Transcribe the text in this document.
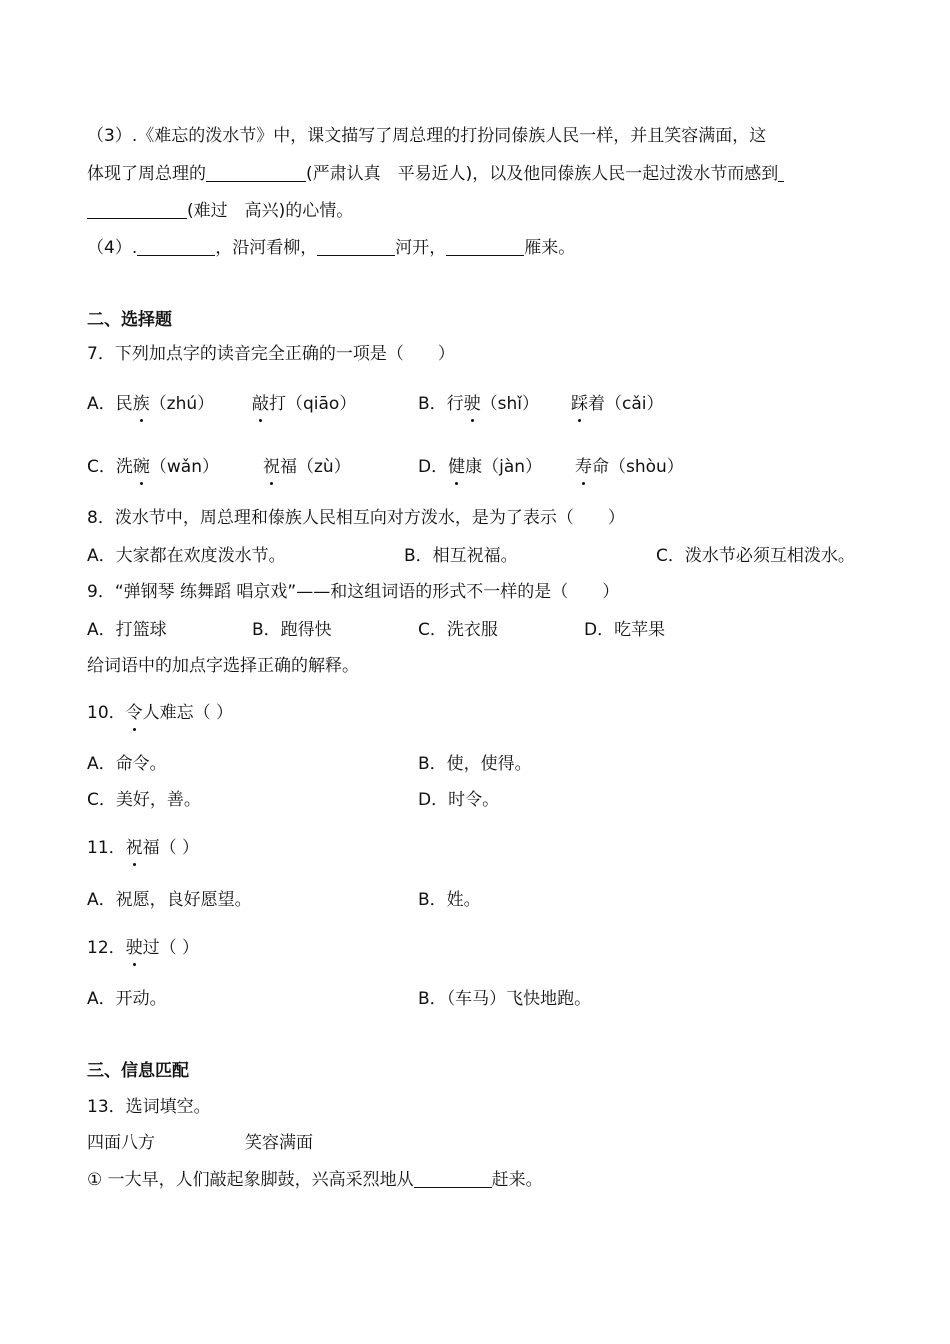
（3）.《难忘的泼水节》中，课文描写了周总理的打扮同傣族人民一样，并且笑容满面，这
体现了周总理的	(严肃认真　平易近人)，以及他同傣族人民一起过泼水节而感到
(难过　高兴)的心情。
（4）.	，沿河看柳，	河开，	雁来。
二、选择题
7．下列加点字的读音完全正确的一项是（　　）
A．民族（zhú） 敲打（qiāo）	B．行驶（shǐ） 踩着（cǎi）
C．洗碗（wǎn）	祝福（zù）	D．健康（jàn） 寿命（shòu）
8．泼水节中，周总理和傣族人民相互向对方泼水，是为了表示（　　）
A．大家都在欢度泼水节。	B．相互祝福。	C．泼水节必须互相泼水。
9．“弹钢琴 练舞蹈 唱京戏”——和这组词语的形式不一样的是（　　）
A．打篮球	B．跑得快	C．洗衣服	D．吃苹果
给词语中的加点字选择正确的解释。
10．令人难忘（ ）
A．命令。	B．使，使得。
C．美好，善。	D．时令。
11．祝福（ ）
A．祝愿，良好愿望。	B．姓。
12．驶过（ ）
A．开动。	B．（车马）飞快地跑。
三、信息匹配
13．选词填空。
四面八方	笑容满面
① 一大早，人们敲起象脚鼓，兴高采烈地从	赶来。
